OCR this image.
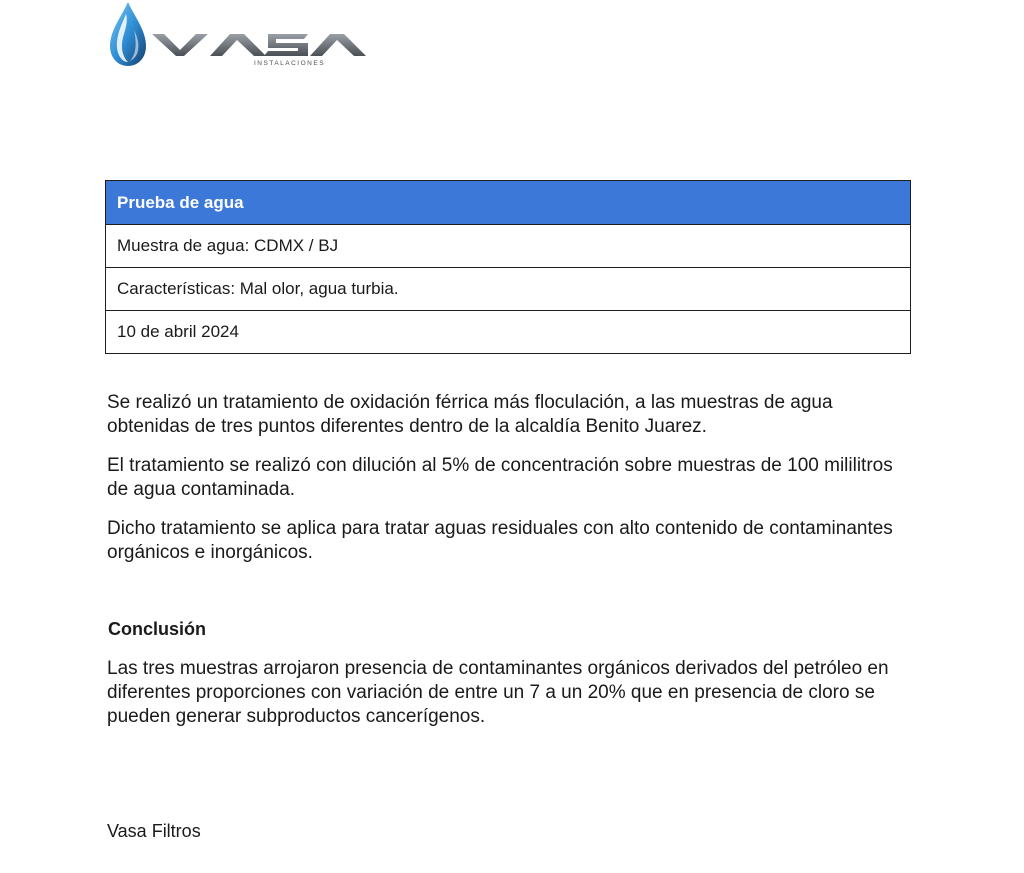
INSTALACIONES
Prueba de agua
Muestra de agua: CDMX / BJ
Características: Mal olor, agua turbia.
10 de abril 2024

Se realizó un tratamiento de oxidación férrica más floculación, a las muestras de agua obtenidas de tres puntos diferentes dentro de la alcaldía Benito Juarez.

El tratamiento se realizó con dilución al 5% de concentración sobre muestras de 100 mililitros de agua contaminada.

Dicho tratamiento se aplica para tratar aguas residuales con alto contenido de contaminantes orgánicos e inorgánicos.

Conclusión

Las tres muestras arrojaron presencia de contaminantes orgánicos derivados del petróleo en diferentes proporciones con variación de entre un 7 a un 20% que en presencia de cloro se pueden generar subproductos cancerígenos.

Vasa Filtros
